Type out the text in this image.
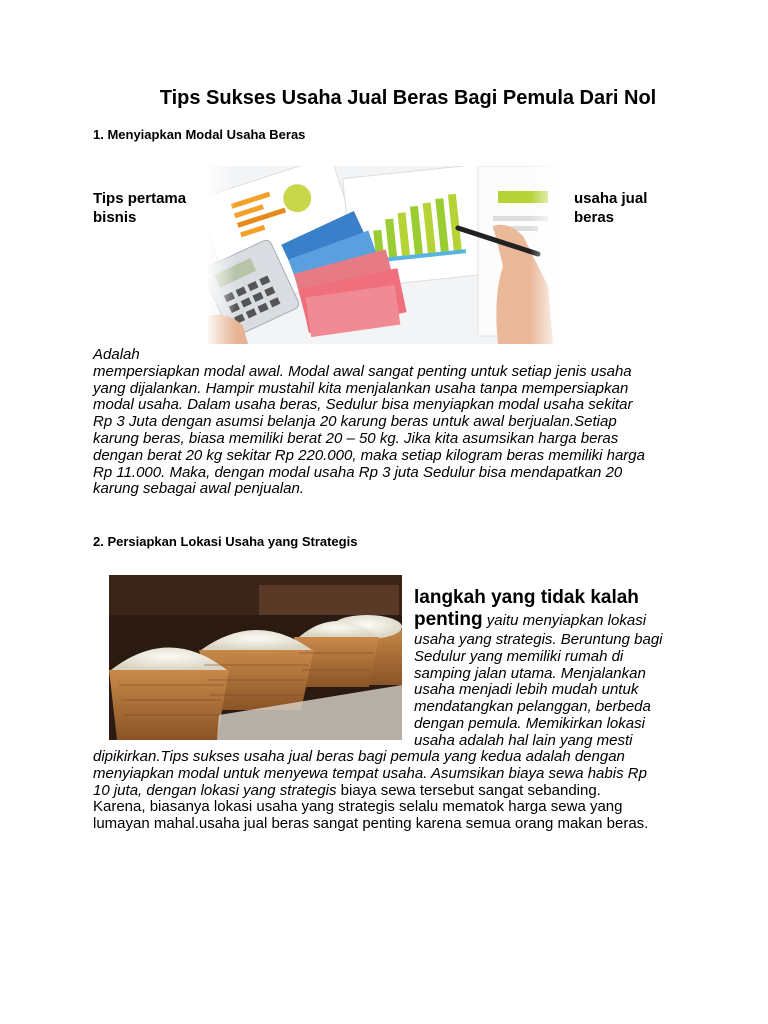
Tips Sukses Usaha Jual Beras Bagi Pemula Dari Nol
1. Menyiapkan Modal Usaha Beras
Tips pertama
bisnis
usaha jual
beras
Adalah
mempersiapkan modal awal. Modal awal sangat penting untuk setiap jenis usaha
yang dijalankan. Hampir mustahil kita menjalankan usaha tanpa mempersiapkan
modal usaha. Dalam usaha beras, Sedulur bisa menyiapkan modal usaha sekitar
Rp 3 Juta dengan asumsi belanja 20 karung beras untuk awal berjualan.Setiap
karung beras, biasa memiliki berat 20 – 50 kg. Jika kita asumsikan harga beras
dengan berat 20 kg sekitar Rp 220.000, maka setiap kilogram beras memiliki harga
Rp 11.000. Maka, dengan modal usaha Rp 3 juta Sedulur bisa mendapatkan 20
karung sebagai awal penjualan.
2. Persiapkan Lokasi Usaha yang Strategis
langkah yang tidak kalah
penting yaitu menyiapkan lokasi
usaha yang strategis. Beruntung bagi
Sedulur yang memiliki rumah di
samping jalan utama. Menjalankan
usaha menjadi lebih mudah untuk
mendatangkan pelanggan, berbeda
dengan pemula. Memikirkan lokasi
usaha adalah hal lain yang mesti
dipikirkan.Tips sukses usaha jual beras bagi pemula yang kedua adalah dengan
menyiapkan modal untuk menyewa tempat usaha. Asumsikan biaya sewa habis Rp
10 juta, dengan lokasi yang strategis biaya sewa tersebut sangat sebanding.
Karena, biasanya lokasi usaha yang strategis selalu mematok harga sewa yang
lumayan mahal.usaha jual beras sangat penting karena semua orang makan beras.
